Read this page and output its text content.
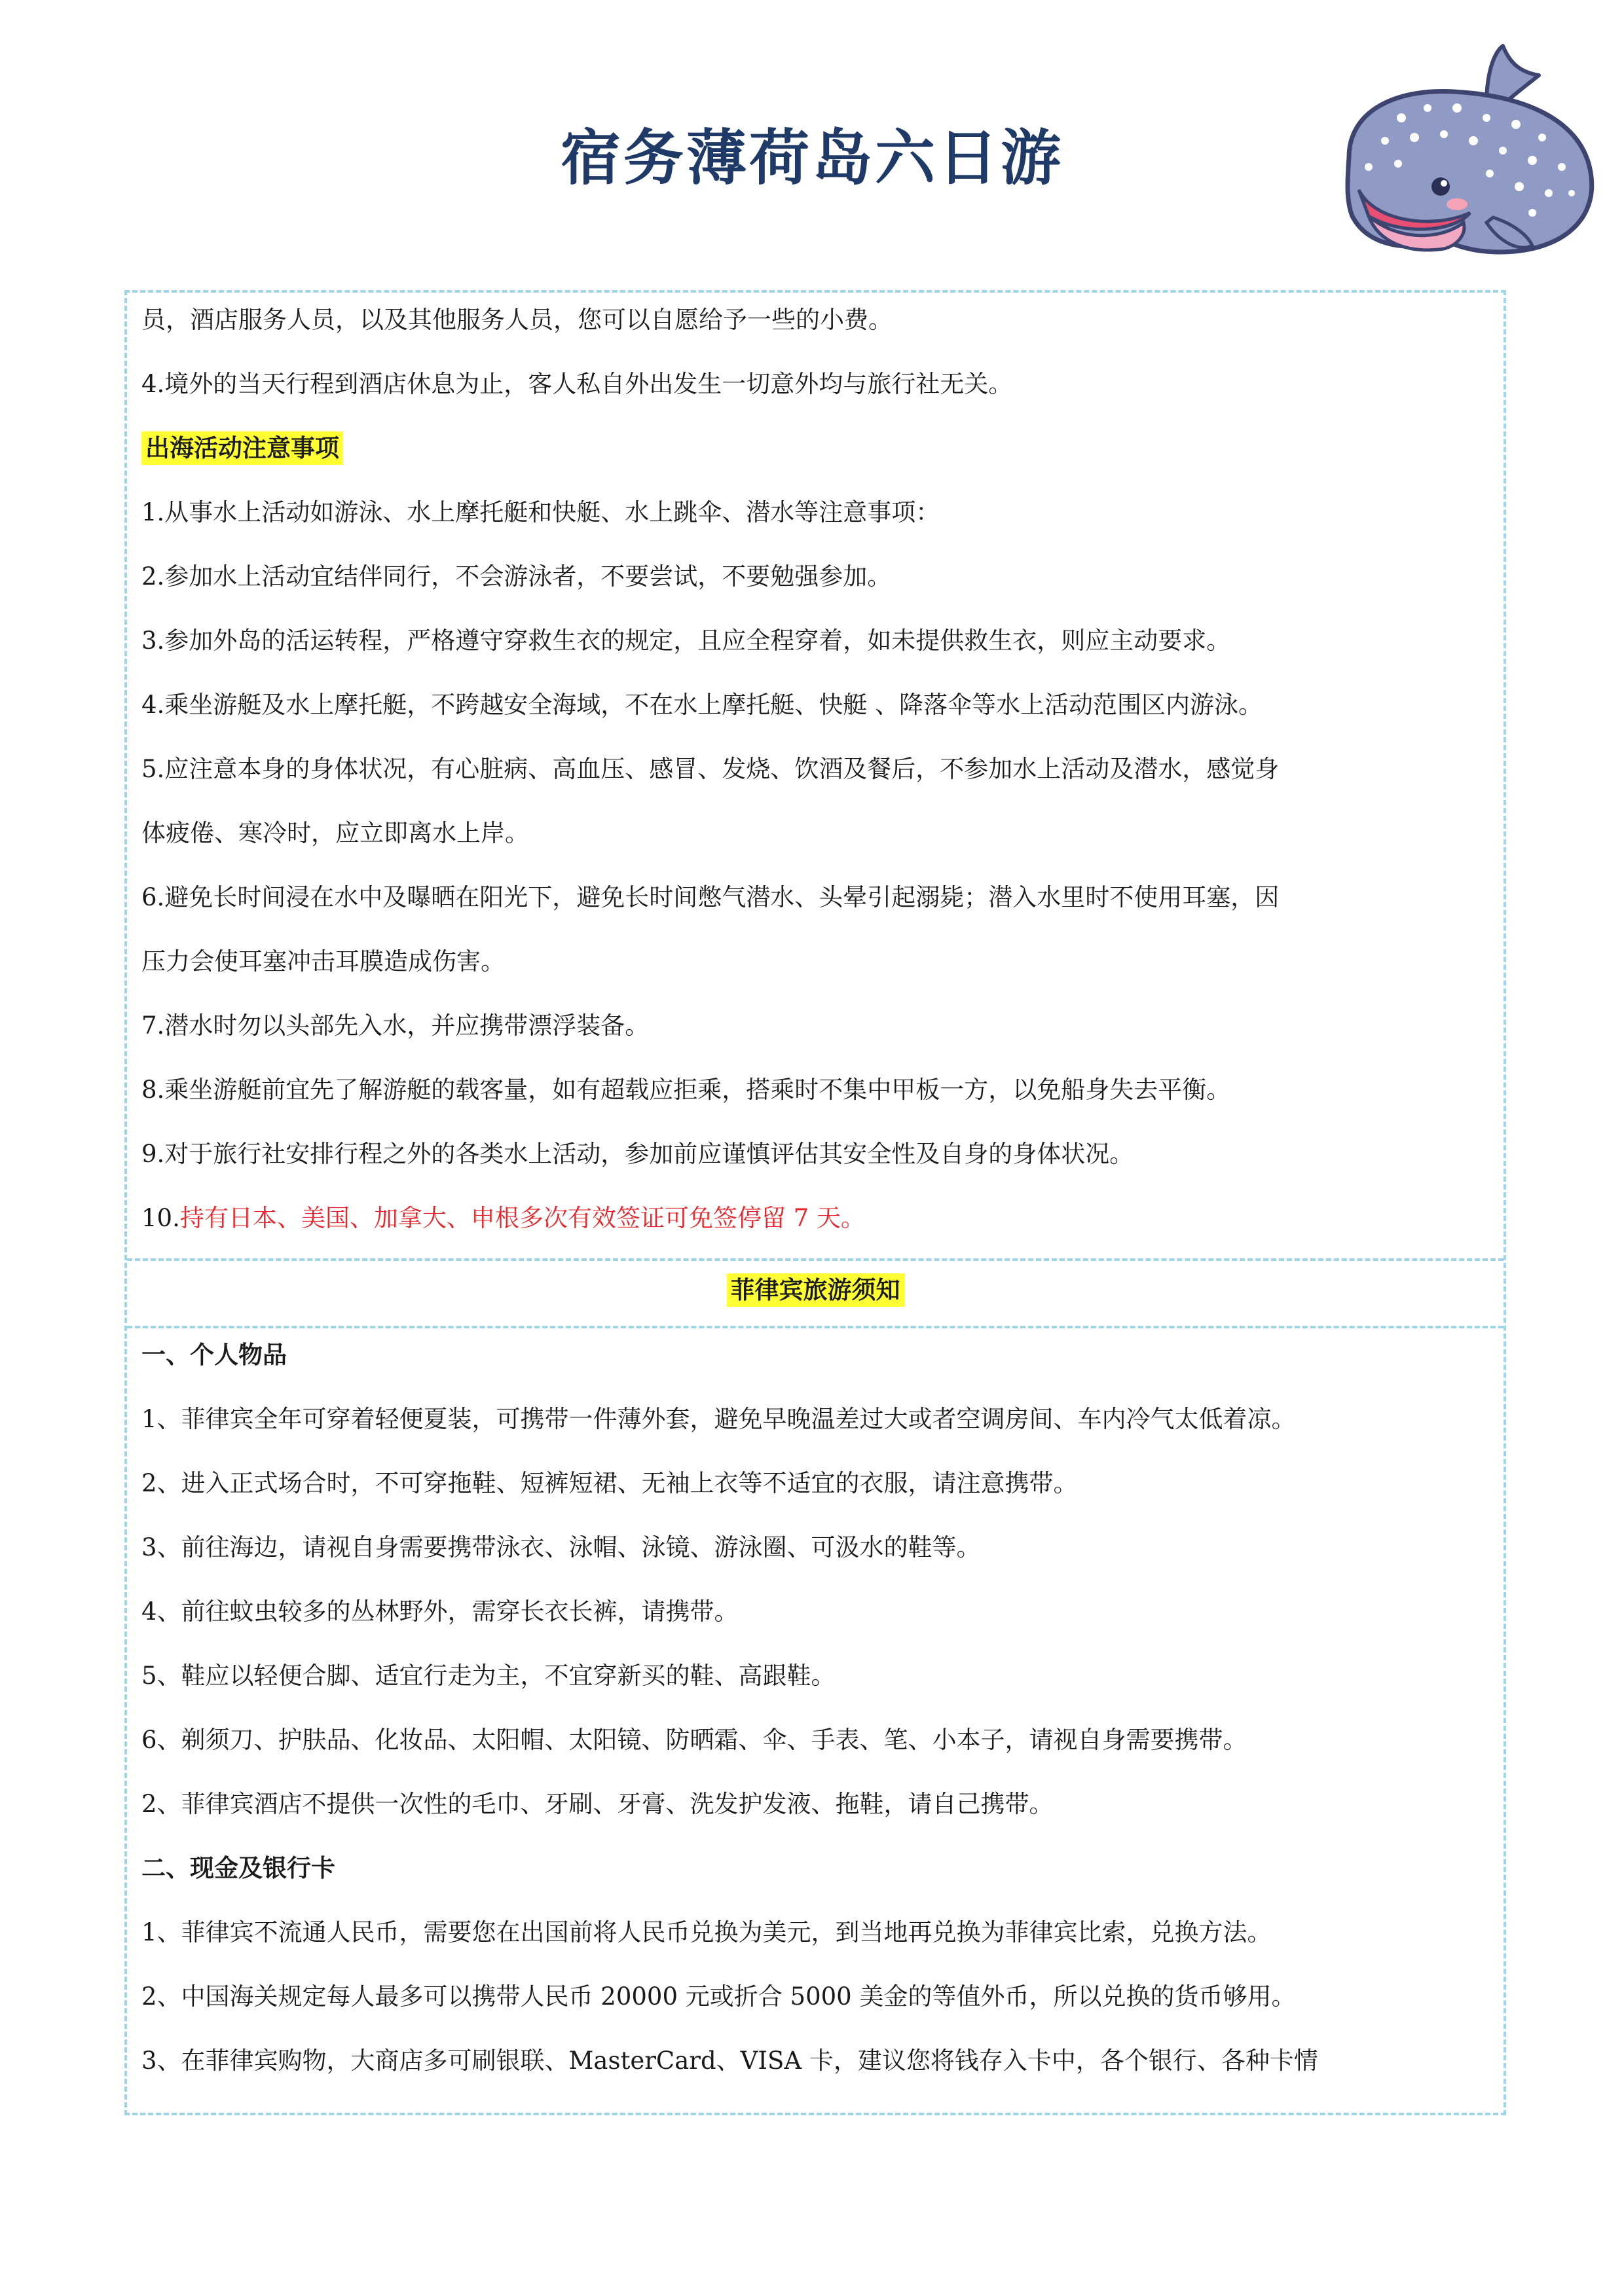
宿务薄荷岛六日游
员，酒店服务人员，以及其他服务人员，您可以自愿给予一些的小费。
4.境外的当天行程到酒店休息为止，客人私自外出发生一切意外均与旅行社无关。
出海活动注意事项
1.从事水上活动如游泳、水上摩托艇和快艇、水上跳伞、潜水等注意事项：
2.参加水上活动宜结伴同行，不会游泳者，不要尝试，不要勉强参加。
3.参加外岛的活运转程，严格遵守穿救生衣的规定，且应全程穿着，如未提供救生衣，则应主动要求。
4.乘坐游艇及水上摩托艇，不跨越安全海域，不在水上摩托艇、快艇 、降落伞等水上活动范围区内游泳。
5.应注意本身的身体状况，有心脏病、高血压、感冒、发烧、饮酒及餐后，不参加水上活动及潜水，感觉身
体疲倦、寒冷时，应立即离水上岸。
6.避免长时间浸在水中及曝晒在阳光下，避免长时间憋气潜水、头晕引起溺毙；潜入水里时不使用耳塞，因
压力会使耳塞冲击耳膜造成伤害。
7.潜水时勿以头部先入水，并应携带漂浮装备。
8.乘坐游艇前宜先了解游艇的载客量，如有超载应拒乘，搭乘时不集中甲板一方，以免船身失去平衡。
9.对于旅行社安排行程之外的各类水上活动，参加前应谨慎评估其安全性及自身的身体状况。
10.持有日本、美国、加拿大、申根多次有效签证可免签停留 7 天。
菲律宾旅游须知
一、个人物品
1、菲律宾全年可穿着轻便夏装，可携带一件薄外套，避免早晚温差过大或者空调房间、车内冷气太低着凉。
2、进入正式场合时，不可穿拖鞋、短裤短裙、无袖上衣等不适宜的衣服，请注意携带。
3、前往海边，请视自身需要携带泳衣、泳帽、泳镜、游泳圈、可汲水的鞋等。
4、前往蚊虫较多的丛林野外，需穿长衣长裤，请携带。
5、鞋应以轻便合脚、适宜行走为主，不宜穿新买的鞋、高跟鞋。
6、剃须刀、护肤品、化妆品、太阳帽、太阳镜、防晒霜、伞、手表、笔、小本子，请视自身需要携带。
2、菲律宾酒店不提供一次性的毛巾、牙刷、牙膏、洗发护发液、拖鞋，请自己携带。
二、现金及银行卡
1、菲律宾不流通人民币，需要您在出国前将人民币兑换为美元，到当地再兑换为菲律宾比索，兑换方法。
2、中国海关规定每人最多可以携带人民币 20000 元或折合 5000 美金的等值外币，所以兑换的货币够用。
3、在菲律宾购物，大商店多可刷银联、MasterCard、VISA 卡，建议您将钱存入卡中，各个银行、各种卡情
